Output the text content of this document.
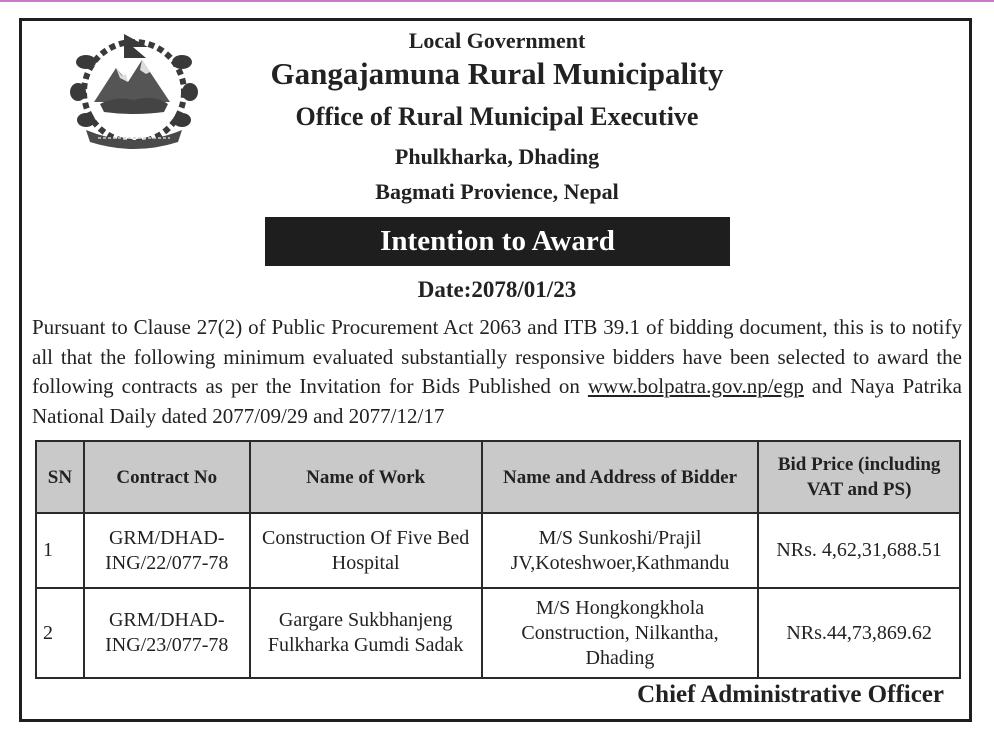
Local Government
Gangajamuna Rural Municipality
Office of Rural Municipal Executive
Phulkharka, Dhading
Bagmati Provience, Nepal
Intention to Award
Date:2078/01/23
Pursuant to Clause 27(2) of Public Procurement Act 2063 and ITB 39.1 of bidding document, this is to notify all that the following minimum evaluated substantially responsive bidders have been selected to award the following contracts as per the Invitation for Bids Published on www.bolpatra.gov.np/egp and Naya Patrika National Daily dated 2077/09/29 and 2077/12/17
SN	Contract No	Name of Work	Name and Address of Bidder	Bid Price (including VAT and PS)
1	GRM/DHAD-ING/22/077-78	Construction Of Five Bed Hospital	M/S Sunkoshi/Prajil JV,Koteshwoer,Kathmandu	NRs. 4,62,31,688.51
2	GRM/DHAD-ING/23/077-78	Gargare Sukbhanjeng Fulkharka Gumdi Sadak	M/S Hongkongkhola Construction, Nilkantha, Dhading	NRs.44,73,869.62
Chief Administrative Officer
